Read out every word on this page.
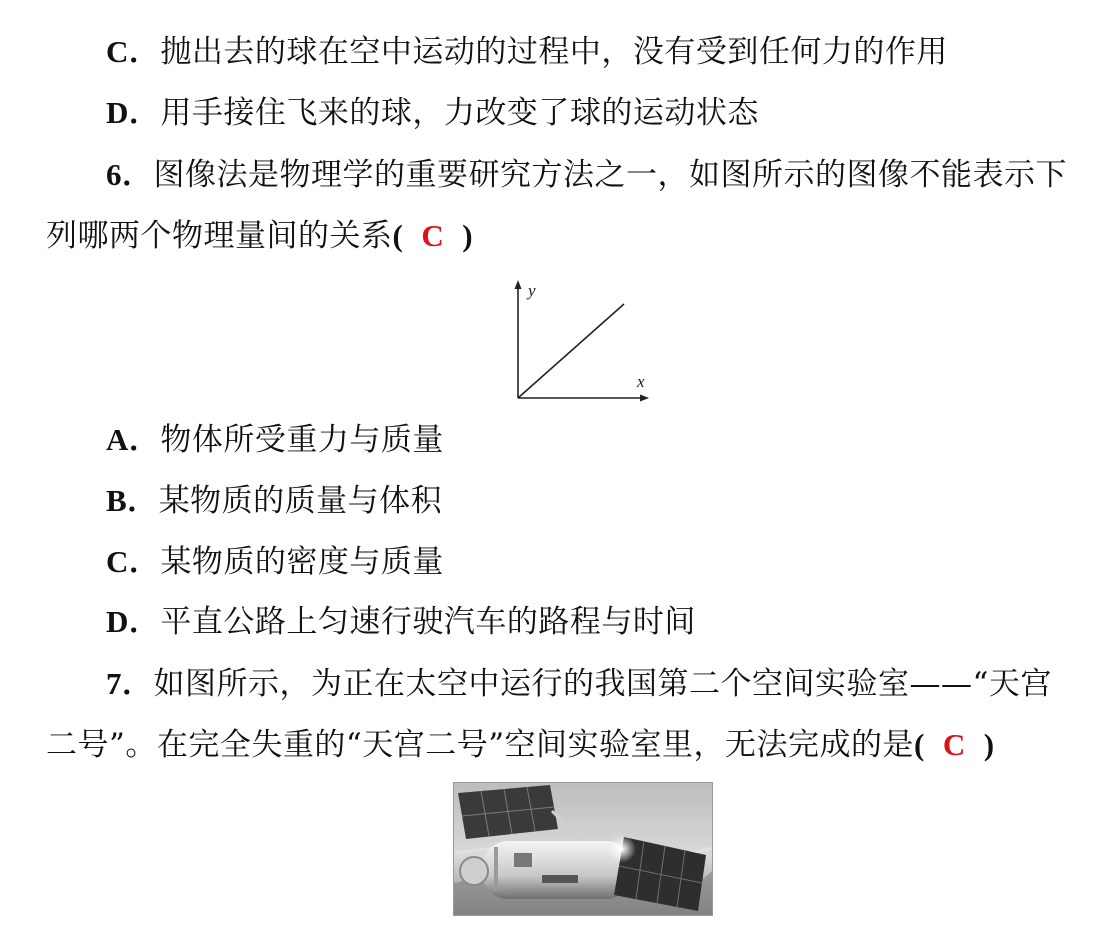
C．抛出去的球在空中运动的过程中，没有受到任何力的作用
D．用手接住飞来的球，力改变了球的运动状态
6．图像法是物理学的重要研究方法之一，如图所示的图像不能表示下
列哪两个物理量间的关系( C )
y
x
A．物体所受重力与质量
B．某物质的质量与体积
C．某物质的密度与质量
D．平直公路上匀速行驶汽车的路程与时间
7．如图所示，为正在太空中运行的我国第二个空间实验室——“天宫
二号”。在完全失重的“天宫二号”空间实验室里，无法完成的是( C )
